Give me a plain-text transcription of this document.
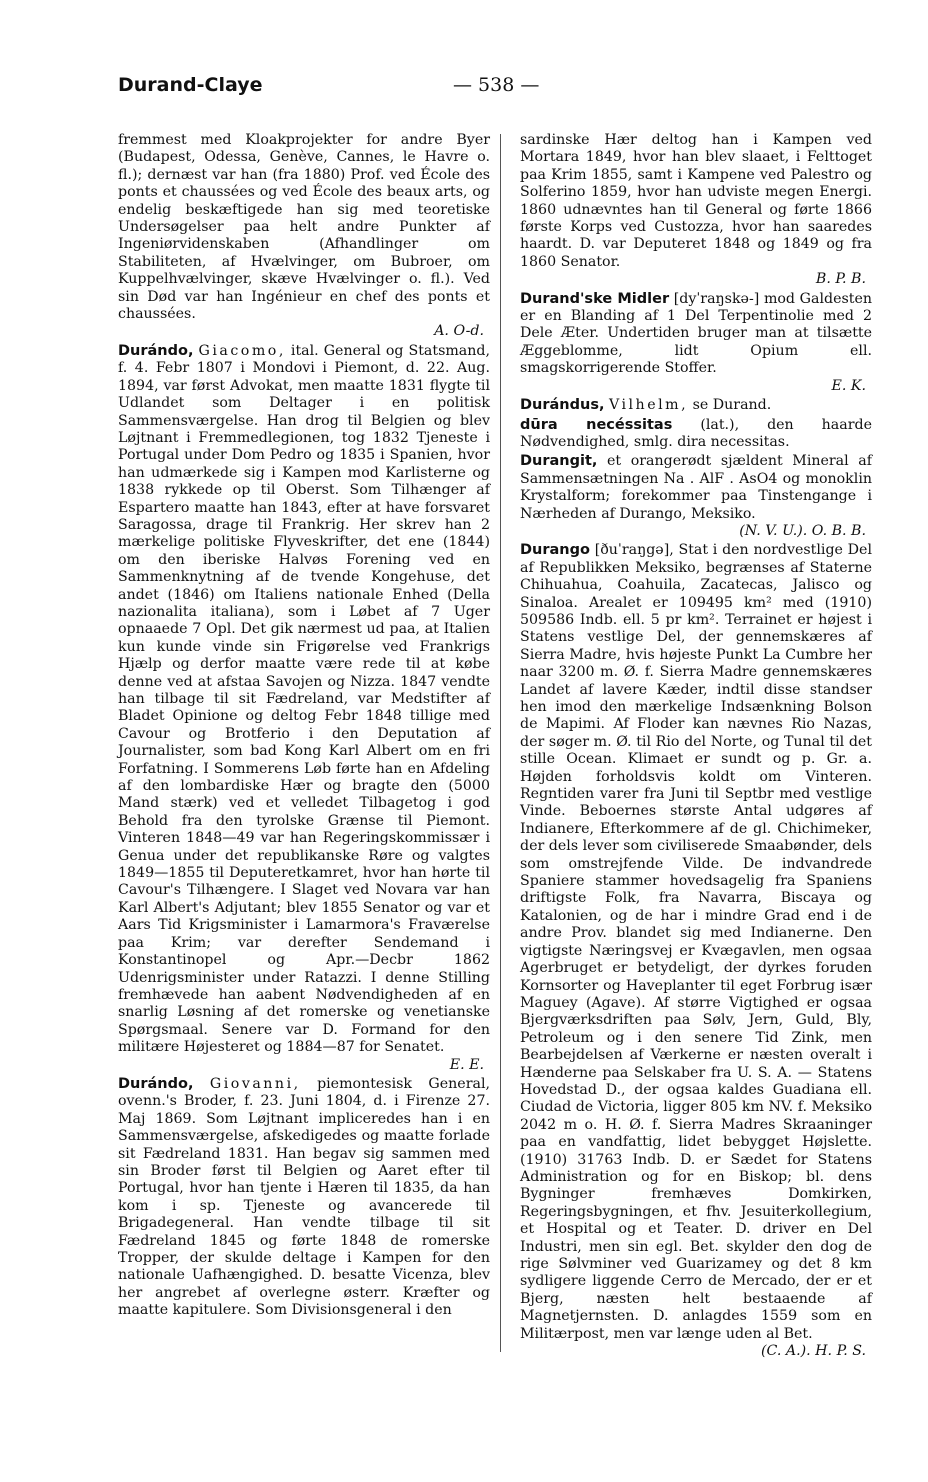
Durand-Claye	— 538 —

fremmest med Kloakprojekter for andre Byer (Budapest, Odessa, Genève, Cannes, le Havre o. fl.); dernæst var han (fra 1880) Prof. ved École des ponts et chaussées og ved École des beaux arts, og endelig beskæftigede han sig med teoretiske Undersøgelser paa helt andre Punkter af Ingeniørvidenskaben (Afhandlinger om Stabiliteten, af Hvælvinger, om Bubroer, om Kuppelhvælvinger, skæve Hvælvinger o. fl.). Ved sin Død var han Ingénieur en chef des ponts et chaussées.
A. O-d.

Durándo, Giacomo, ital. General og Statsmand, f. 4. Febr 1807 i Mondovi i Piemont, d. 22. Aug. 1894, var først Advokat, men maatte 1831 flygte til Udlandet som Deltager i en politisk Sammensværgelse. Han drog til Belgien og blev Løjtnant i Fremmedlegionen, tog 1832 Tjeneste i Portugal under Dom Pedro og 1835 i Spanien, hvor han udmærkede sig i Kampen mod Karlisterne og 1838 rykkede op til Oberst. Som Tilhænger af Espartero maatte han 1843, efter at have forsvaret Saragossa, drage til Frankrig. Her skrev han 2 mærkelige politiske Flyveskrifter, det ene (1844) om den iberiske Halvøs Forening ved en Sammenknytning af de tvende Kongehuse, det andet (1846) om Italiens nationale Enhed (Della nazionalita italiana), som i Løbet af 7 Uger opnaaede 7 Opl. Det gik nærmest ud paa, at Italien kun kunde vinde sin Frigørelse ved Frankrigs Hjælp og derfor maatte være rede til at købe denne ved at afstaa Savojen og Nizza. 1847 vendte han tilbage til sit Fædreland, var Medstifter af Bladet Opinione og deltog Febr 1848 tillige med Cavour og Brotferio i den Deputation af Journalister, som bad Kong Karl Albert om en fri Forfatning. I Sommerens Løb førte han en Afdeling af den lombardiske Hær og bragte den (5000 Mand stærk) ved et velledet Tilbagetog i god Behold fra den tyrolske Grænse til Piemont. Vinteren 1848—49 var han Regeringskommissær i Genua under det republikanske Røre og valgtes 1849—1855 til Deputeretkamret, hvor han hørte til Cavour's Tilhængere. I Slaget ved Novara var han Karl Albert's Adjutant; blev 1855 Senator og var et Aars Tid Krigsminister i Lamarmora's Fraværelse paa Krim; var derefter Sendemand i Konstantinopel og Apr.—Decbr 1862 Udenrigsminister under Ratazzi. I denne Stilling fremhævede han aabent Nødvendigheden af en snarlig Løsning af det romerske og venetianske Spørgsmaal. Senere var D. Formand for den militære Højesteret og 1884—87 for Senatet.
E. E.

Durándo, Giovanni, piemontesisk General, ovenn.'s Broder, f. 23. Juni 1804, d. i Firenze 27. Maj 1869. Som Løjtnant impliceredes han i en Sammensværgelse, afskedigedes og maatte forlade sit Fædreland 1831. Han begav sig sammen med sin Broder først til Belgien og Aaret efter til Portugal, hvor han tjente i Hæren til 1835, da han kom i sp. Tjeneste og avancerede til Brigadegeneral. Han vendte tilbage til sit Fædreland 1845 og førte 1848 de romerske Tropper, der skulde deltage i Kampen for den nationale Uafhængighed. D. besatte Vicenza, blev her angrebet af overlegne østerr. Kræfter og maatte kapitulere. Som Divisionsgeneral i den

sardinske Hær deltog han i Kampen ved Mortara 1849, hvor han blev slaaet, i Felttoget paa Krim 1855, samt i Kampene ved Palestro og Solferino 1859, hvor han udviste megen Energi. 1860 udnævntes han til General og førte 1866 første Korps ved Custozza, hvor han saaredes haardt. D. var Deputeret 1848 og 1849 og fra 1860 Senator.
B. P. B.

Durand'ske Midler [dyˈraŋskə-] mod Galdesten er en Blanding af 1 Del Terpentinolie med 2 Dele Æter. Undertiden bruger man at tilsætte Æggeblomme, lidt Opium ell. smagskorrigerende Stoffer.
E. K.

Durándus, Vilhelm, se Durand.

dūra necéssitas (lat.), den haarde Nødvendighed, smlg. dira necessitas.

Durangit, et orangerødt sjældent Mineral af Sammensætningen Na . AlF . AsO4 og monoklin Krystalform; forekommer paa Tinstengange i Nærheden af Durango, Meksiko.
(N. V. U.). O. B. B.

Durango [ðuˈraŋgə], Stat i den nordvestlige Del af Republikken Meksiko, begrænses af Staterne Chihuahua, Coahuila, Zacatecas, Jalisco og Sinaloa. Arealet er 109495 km² med (1910) 509586 Indb. ell. 5 pr km². Terrainet er højest i Statens vestlige Del, der gennemskæres af Sierra Madre, hvis højeste Punkt La Cumbre her naar 3200 m. Ø. f. Sierra Madre gennemskæres Landet af lavere Kæder, indtil disse standser hen imod den mærkelige Indsænkning Bolson de Mapimi. Af Floder kan nævnes Rio Nazas, der søger m. Ø. til Rio del Norte, og Tunal til det stille Ocean. Klimaet er sundt og p. Gr. a. Højden forholdsvis koldt om Vinteren. Regntiden varer fra Juni til Septbr med vestlige Vinde. Beboernes største Antal udgøres af Indianere, Efterkommere af de gl. Chichimeker, der dels lever som civiliserede Smaabønder, dels som omstrejfende Vilde. De indvandrede Spaniere stammer hovedsagelig fra Spaniens driftigste Folk, fra Navarra, Biscaya og Katalonien, og de har i mindre Grad end i de andre Prov. blandet sig med Indianerne. Den vigtigste Næringsvej er Kvægavlen, men ogsaa Agerbruget er betydeligt, der dyrkes foruden Kornsorter og Haveplanter til eget Forbrug især Maguey (Agave). Af større Vigtighed er ogsaa Bjergværksdriften paa Sølv, Jern, Guld, Bly, Petroleum og i den senere Tid Zink, men Bearbejdelsen af Værkerne er næsten overalt i Hænderne paa Selskaber fra U. S. A. — Statens Hovedstad D., der ogsaa kaldes Guadiana ell. Ciudad de Victoria, ligger 805 km NV. f. Meksiko 2042 m o. H. Ø. f. Sierra Madres Skraaninger paa en vandfattig, lidet bebygget Højslette. (1910) 31763 Indb. D. er Sædet for Statens Administration og for en Biskop; bl. dens Bygninger fremhæves Domkirken, Regeringsbygningen, et fhv. Jesuiterkollegium, et Hospital og et Teater. D. driver en Del Industri, men sin egl. Bet. skylder den dog de rige Sølvminer ved Guarizamey og det 8 km sydligere liggende Cerro de Mercado, der er et Bjerg, næsten helt bestaaende af Magnetjernsten. D. anlagdes 1559 som en Militærpost, men var længe uden al Bet.
(C. A.). H. P. S.
